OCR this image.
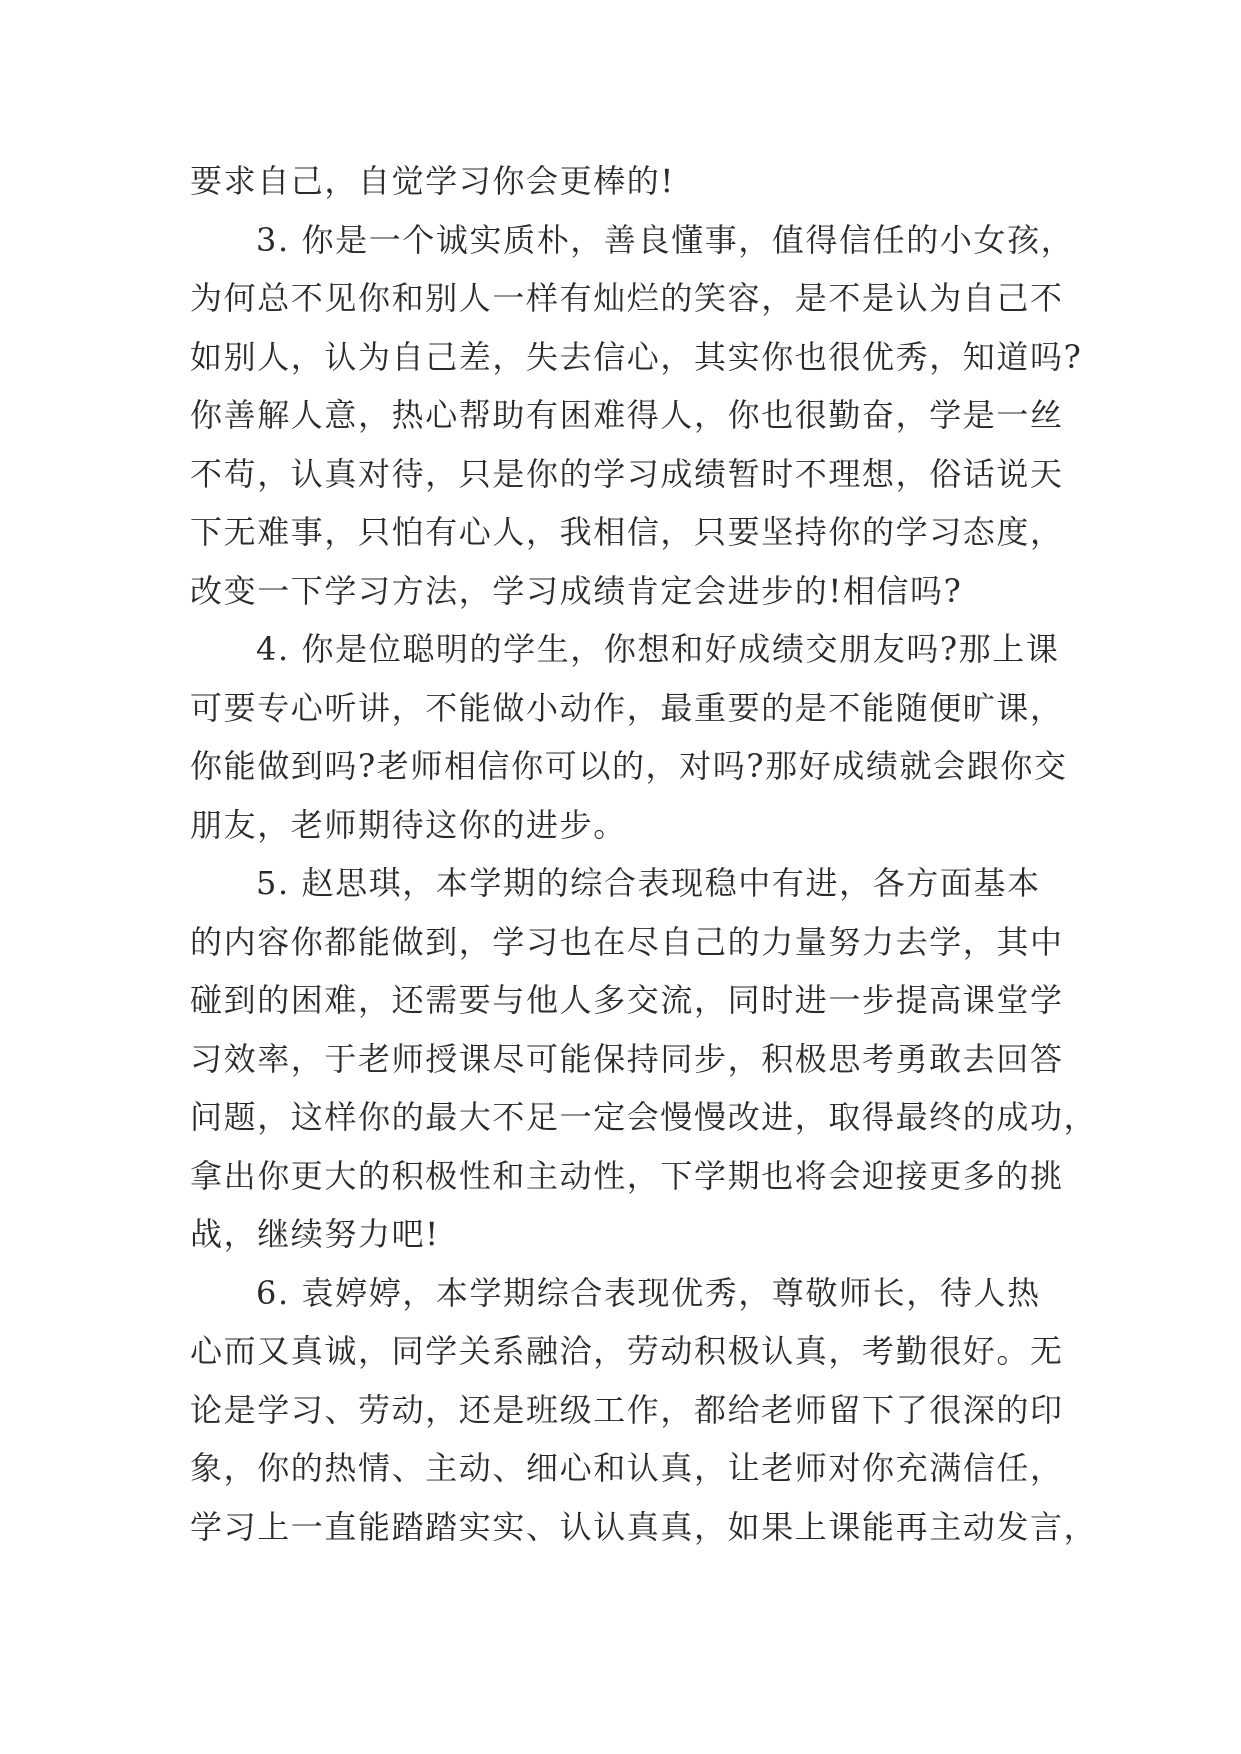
要求自己，自觉学习你会更棒的!
3. 你是一个诚实质朴，善良懂事，值得信任的小女孩，
为何总不见你和别人一样有灿烂的笑容，是不是认为自己不
如别人，认为自己差，失去信心，其实你也很优秀，知道吗?
你善解人意，热心帮助有困难得人，你也很勤奋，学是一丝
不苟，认真对待，只是你的学习成绩暂时不理想，俗话说天
下无难事，只怕有心人，我相信，只要坚持你的学习态度，
改变一下学习方法，学习成绩肯定会进步的!相信吗?
4. 你是位聪明的学生，你想和好成绩交朋友吗?那上课
可要专心听讲，不能做小动作，最重要的是不能随便旷课，
你能做到吗?老师相信你可以的，对吗?那好成绩就会跟你交
朋友，老师期待这你的进步。
5. 赵思琪，本学期的综合表现稳中有进，各方面基本
的内容你都能做到，学习也在尽自己的力量努力去学，其中
碰到的困难，还需要与他人多交流，同时进一步提高课堂学
习效率，于老师授课尽可能保持同步，积极思考勇敢去回答
问题，这样你的最大不足一定会慢慢改进，取得最终的成功，
拿出你更大的积极性和主动性，下学期也将会迎接更多的挑
战，继续努力吧!
6. 袁婷婷，本学期综合表现优秀，尊敬师长，待人热
心而又真诚，同学关系融洽，劳动积极认真，考勤很好。无
论是学习、劳动，还是班级工作，都给老师留下了很深的印
象，你的热情、主动、细心和认真，让老师对你充满信任，
学习上一直能踏踏实实、认认真真，如果上课能再主动发言，
